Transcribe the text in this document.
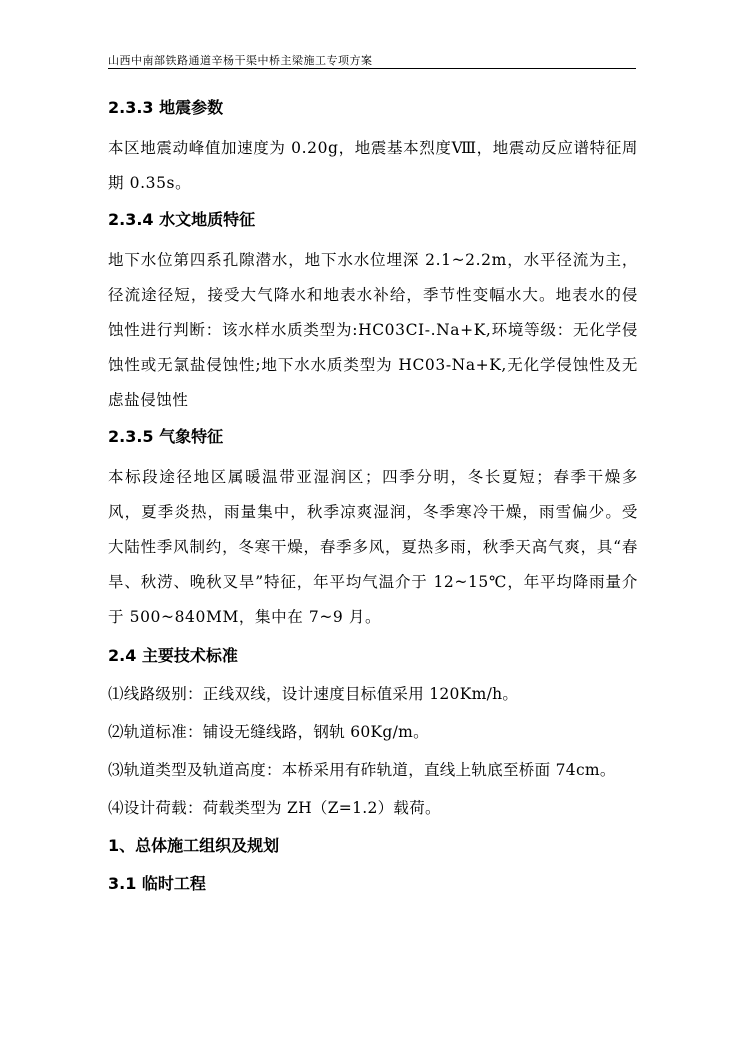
山西中南部铁路通道辛杨干渠中桥主梁施工专项方案
2.3.3 地震参数

本区地震动峰值加速度为 0.20g，地震基本烈度Ⅷ，地震动反应谱特征周期 0.35s。

2.3.4 水文地质特征

地下水位第四系孔隙潜水，地下水水位埋深 2.1~2.2m，水平径流为主，径流途径短，接受大气降水和地表水补给，季节性变幅水大。地表水的侵蚀性进行判断：该水样水质类型为:HC03CI-.Na+K,环境等级：无化学侵蚀性或无氯盐侵蚀性;地下水水质类型为 HC03-Na+K,无化学侵蚀性及无虑盐侵蚀性

2.3.5 气象特征

本标段途径地区属暖温带亚湿润区；四季分明，冬长夏短；春季干燥多风，夏季炎热，雨量集中，秋季凉爽湿润，冬季寒冷干燥，雨雪偏少。受大陆性季风制约，冬寒干燥，春季多风，夏热多雨，秋季天高气爽，具“春旱、秋涝、晚秋叉旱”特征，年平均气温介于 12~15℃，年平均降雨量介于 500~840MM，集中在 7~9 月。

2.4 主要技术标准

⑴线路级别：正线双线，设计速度目标值采用 120Km/h。

⑵轨道标准：铺设无缝线路，钢轨 60Kg/m。

⑶轨道类型及轨道高度：本桥采用有砟轨道，直线上轨底至桥面 74cm。

⑷设计荷载：荷载类型为 ZH（Z=1.2）载荷。

1、总体施工组织及规划
3.1 临时工程
